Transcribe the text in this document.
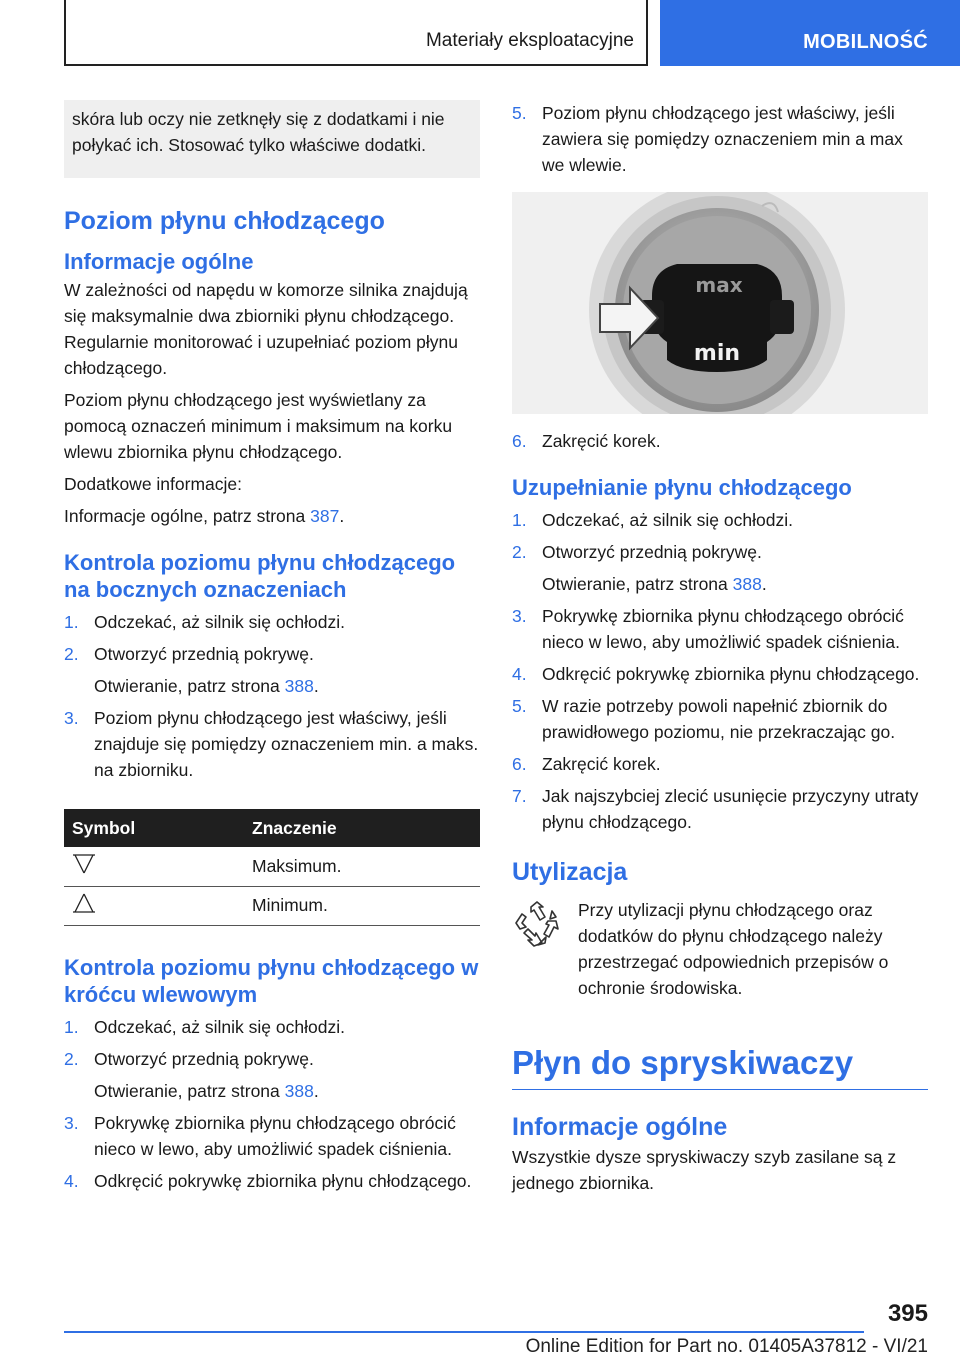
Materiały eksploatacyjne	MOBILNOŚĆ
skóra lub oczy nie zetknęły się z dodatkami i nie połykać ich. Stosować tylko właściwe dodatki.
Poziom płynu chłodzącego
Informacje ogólne
W zależności od napędu w komorze silnika znajdują się maksymalnie dwa zbiorniki płynu chłodzącego. Regularnie monitorować i uzupełniać poziom płynu chłodzącego.
Poziom płynu chłodzącego jest wyświetlany za pomocą oznaczeń minimum i maksimum na korku wlewu zbiornika płynu chłodzącego.
Dodatkowe informacje:
Informacje ogólne, patrz strona 387.
Kontrola poziomu płynu chłodzącego na bocznych oznaczeniach
1. Odczekać, aż silnik się ochłodzi.
2. Otworzyć przednią pokrywę.
Otwieranie, patrz strona 388.
3. Poziom płynu chłodzącego jest właściwy, jeśli znajduje się pomiędzy oznaczeniem min. a maks. na zbiorniku.
Symbol	Znaczenie
	Maksimum.
	Minimum.
Kontrola poziomu płynu chłodzącego w króćcu wlewowym
1. Odczekać, aż silnik się ochłodzi.
2. Otworzyć przednią pokrywę.
Otwieranie, patrz strona 388.
3. Pokrywkę zbiornika płynu chłodzącego obrócić nieco w lewo, aby umożliwić spadek ciśnienia.
4. Odkręcić pokrywkę zbiornika płynu chłodzącego.
5. Poziom płynu chłodzącego jest właściwy, jeśli zawiera się pomiędzy oznaczeniem min a max we wlewie.
max
min
6. Zakręcić korek.
Uzupełnianie płynu chłodzącego
1. Odczekać, aż silnik się ochłodzi.
2. Otworzyć przednią pokrywę.
Otwieranie, patrz strona 388.
3. Pokrywkę zbiornika płynu chłodzącego obrócić nieco w lewo, aby umożliwić spadek ciśnienia.
4. Odkręcić pokrywkę zbiornika płynu chłodzącego.
5. W razie potrzeby powoli napełnić zbiornik do prawidłowego poziomu, nie przekraczając go.
6. Zakręcić korek.
7. Jak najszybciej zlecić usunięcie przyczyny utraty płynu chłodzącego.
Utylizacja
Przy utylizacji płynu chłodzącego oraz dodatków do płynu chłodzącego należy przestrzegać odpowiednich przepisów o ochronie środowiska.
Płyn do spryskiwaczy
Informacje ogólne
Wszystkie dysze spryskiwaczy szyb zasilane są z jednego zbiornika.
395
Online Edition for Part no. 01405A37812 - VI/21
